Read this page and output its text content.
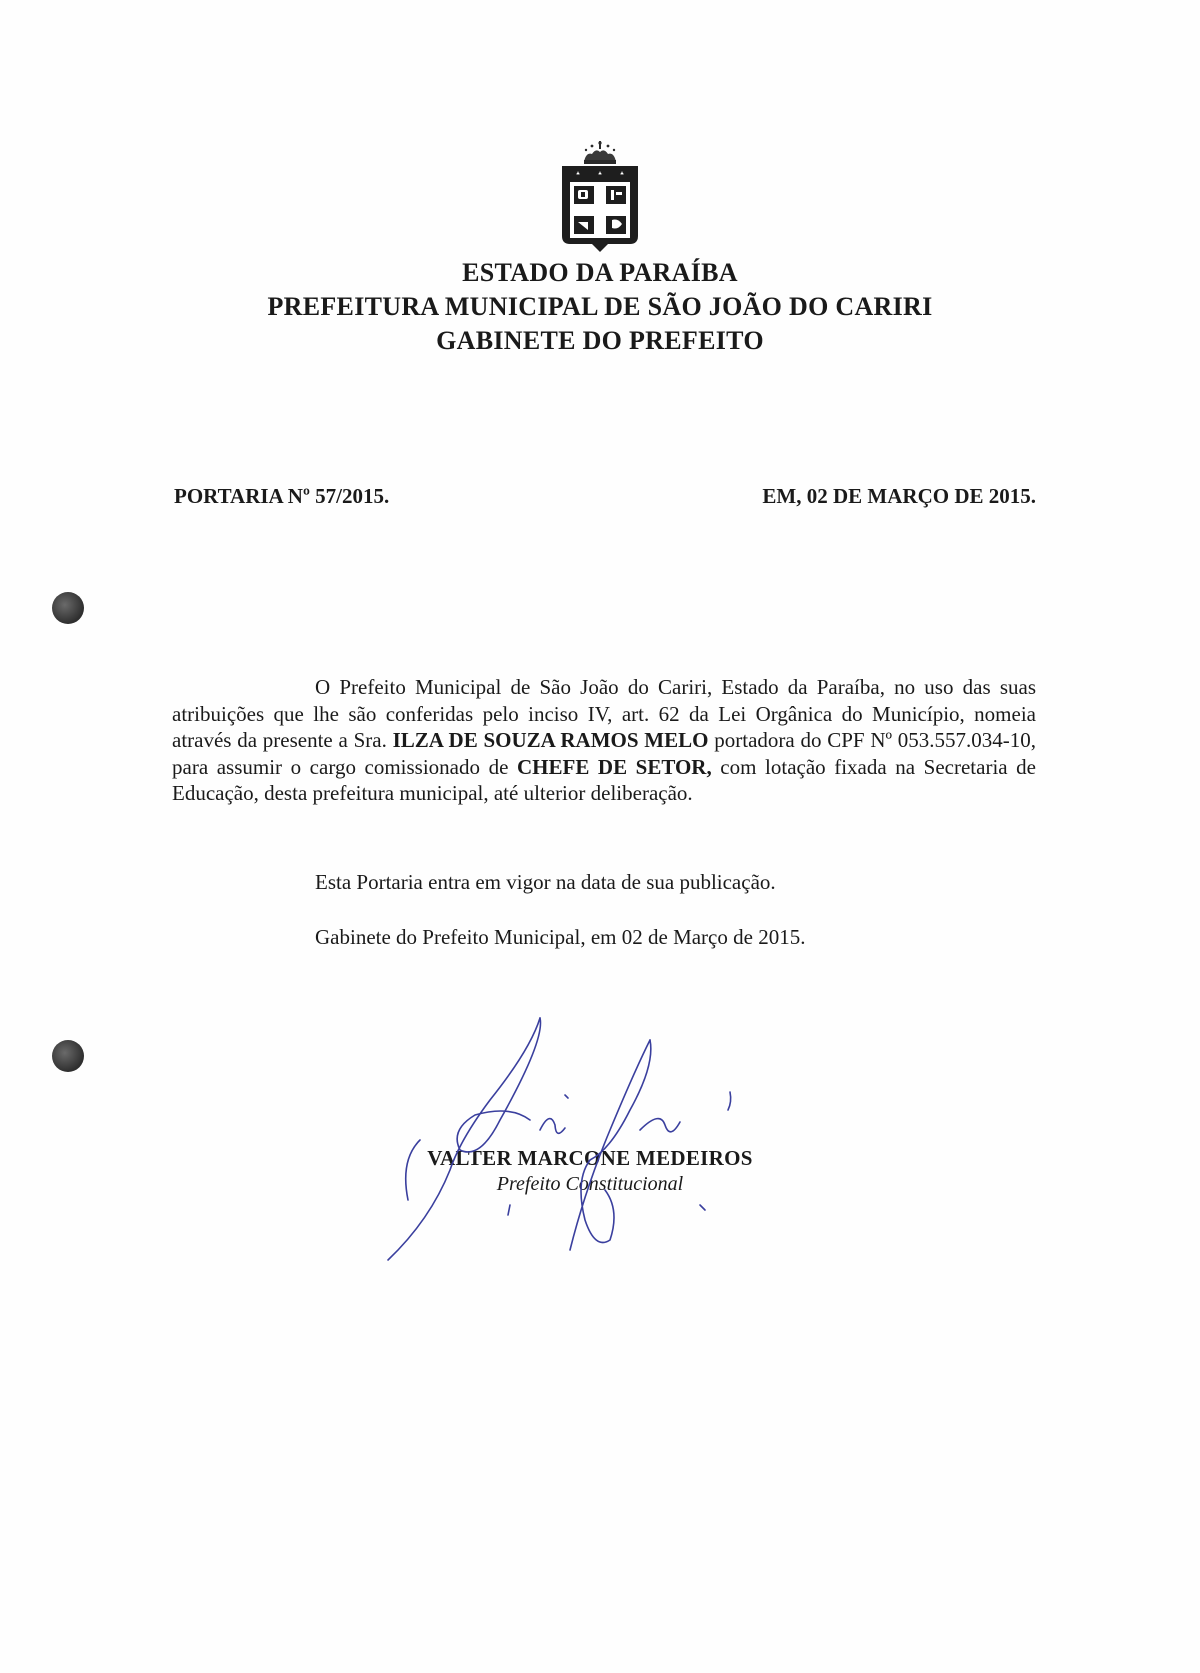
ESTADO DA PARAÍBA
PREFEITURA MUNICIPAL DE SÃO JOÃO DO CARIRI
GABINETE DO PREFEITO
PORTARIA Nº 57/2015.	EM, 02 DE MARÇO DE 2015.

O Prefeito Municipal de São João do Cariri, Estado da Paraíba, no uso das suas atribuições que lhe são conferidas pelo inciso IV, art. 62 da Lei Orgânica do Município, nomeia através da presente a Sra. ILZA DE SOUZA RAMOS MELO portadora do CPF Nº 053.557.034-10, para assumir o cargo comissionado de CHEFE DE SETOR, com lotação fixada na Secretaria de Educação, desta prefeitura municipal, até ulterior deliberação.

Esta Portaria entra em vigor na data de sua publicação.
Gabinete do Prefeito Municipal, em 02 de Março de 2015.
VALTER MARCONE MEDEIROS
Prefeito Constitucional
